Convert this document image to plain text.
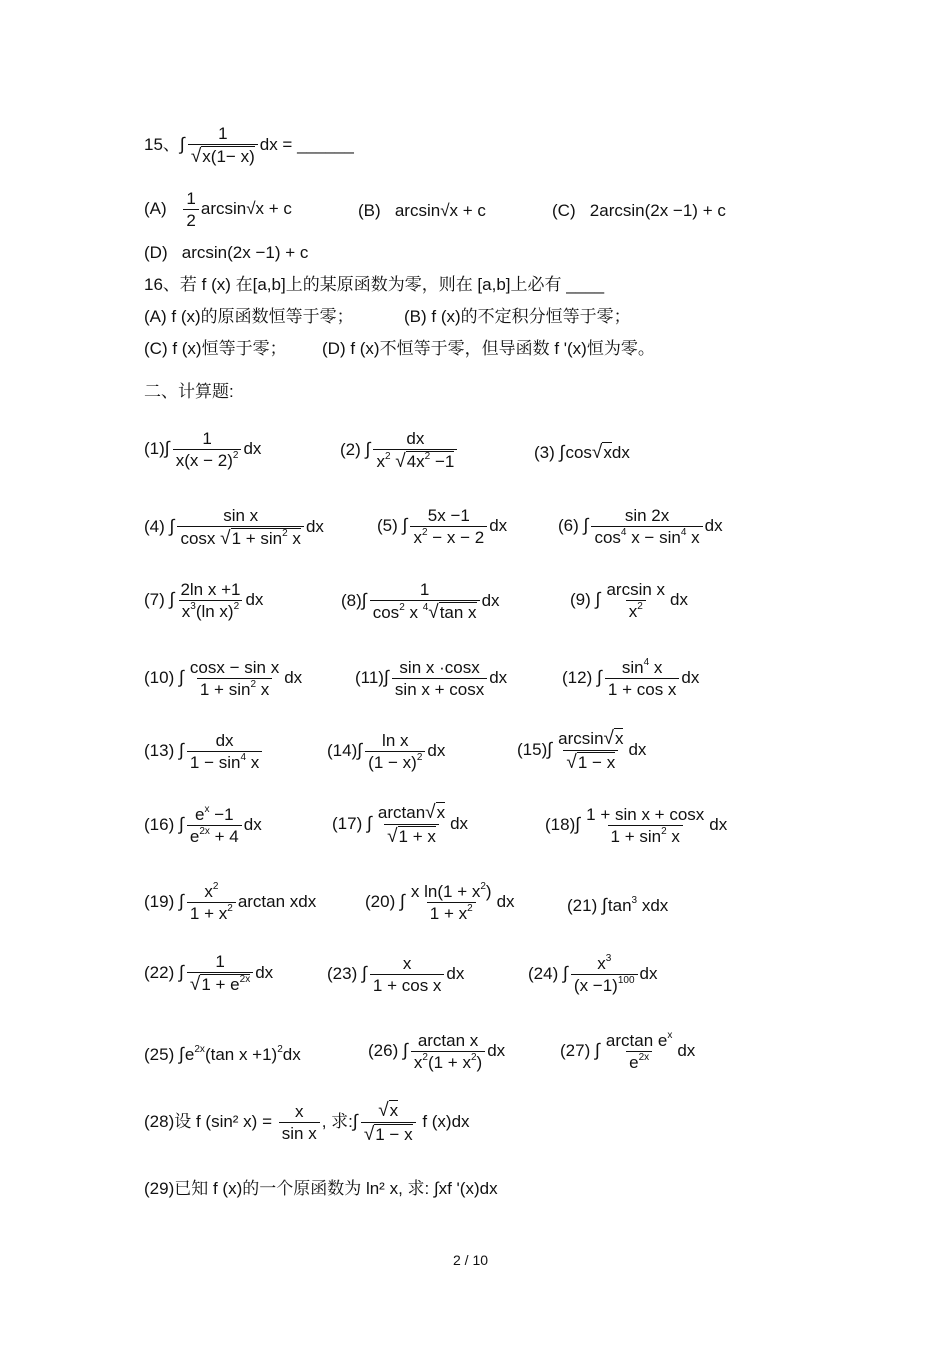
15、∫ $\frac{1}{√x(1- x)}$ dx = ______
$(A) \frac{1}{2} \arcsin√x + c$	(B) arcsin√x + c	(C) 2arcsin(2x −1) + c
(D) arcsin(2x −1) + c
16、若 f (x) 在[a,b]上的某原函数为零，则在 [a,b]上必有 ____
(A) f (x)的原函数恒等于零；	(B) f (x)的不定积分恒等于零；
(C) f (x)恒等于零； (D) f (x)不恒等于零，但导函数 f '(x)恒为零。
二、计算题:
$(1)\int \frac{1}{x(x - 2)^2}$ dx	(2) ∫ $\frac{dx}{x^2 √4x^2 -1}$	(3) ∫cos√xdx
(4) ∫ $\frac{\text{sin x}}{\cos x √1 + \sin^2 x}$ dx	(5) ∫ $\frac{5x -1}{x^2 - x - 2}$ dx	(6) ∫ $\frac{\sin 2x}{\cos^4 x - \sin^4 x}$ dx
(7) ∫ $\frac{\text{2ln x +1}}{x^3(\ln x)^2}$ dx	$(8)\int \frac{1}{\cos^2 x ^4√\tan x}$ dx	(9) ∫ $\frac{\text{arcsin x}}{x^2}$ dx
(10) ∫ $\frac{\text{cosx − sin x}}{1 + \sin^2 x}$ dx	$(11)\int \frac{\text{sin x ·cosx}}{\text{sin x + cosx}}$ dx	(12) ∫ $\frac{\sin^4 x}{\text{1 + cos x}}$ dx
(13) ∫ $\frac{dx}{1 - \sin^4 x}$	$(14)\int \frac{\text{ln x}}{(1 - x)^2}$ dx	$(15)\int \frac{\arcsin√x}{√1 - x}$ dx
(16) ∫ $\frac{e^x -1}{e^{2x} + 4}$ dx	(17) ∫ $\frac{\arctan√x}{√1 + x}$ dx	$(18)\int \frac{\text{1 + sin x + cosx}}{1 + \sin^2 x}$ dx
(19) ∫ $\frac{x^2}{1 + x^2}$ arctan xdx	(20) ∫ $\frac{x \ln(1 + x^2)}{1 + x^2}$ dx	(21) $\int\tan^3$ xdx
(22) ∫ $\frac{1}{√1 + e^{2x}}$ dx	(23) ∫ $\frac{x}{\text{1 + cos x}}$ dx	(24) ∫ $\frac{x^3}{(x -1)^{100}}$ dx
(25) $\int e^{2x}(\tan$ x +1)$^2$dx	(26) ∫ $\frac{\text{arctan x}}{x^2(1 + x^2)}$ dx	(27) ∫ $\frac{\arctan e^x}{e^{2x}}$ dx
(28)设 f (sin² $x) = \frac{x}{\text{sin x}}$ , 求:∫ $\frac{√x}{√1 - x}$ f (x)dx
(29)已知 f (x)的一个原函数为 ln² x, 求: ∫xf '(x)dx
2 / 10
